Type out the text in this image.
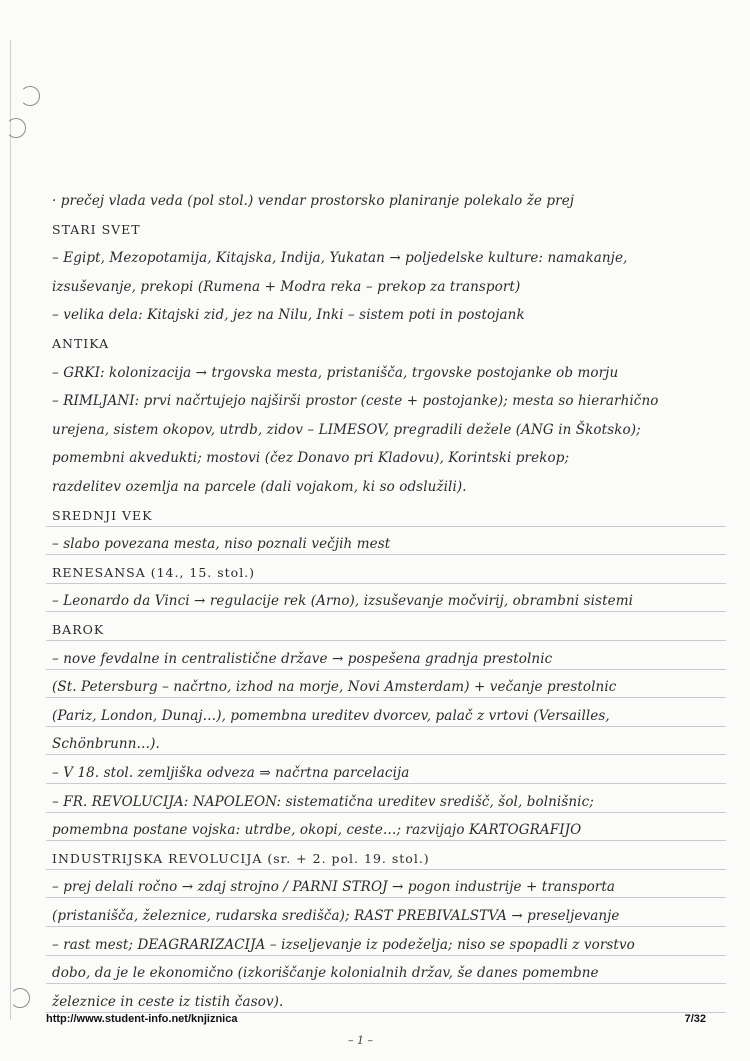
· prečej vlada veda (pol stol.) vendar prostorsko planiranje polekalo že prej
STARI SVET
– Egipt, Mezopotamija, Kitajska, Indija, Yukatan → poljedelske kulture: namakanje,
izsuševanje, prekopi (Rumena + Modra reka – prekop za transport)
– velika dela: Kitajski zid, jez na Nilu, Inki – sistem poti in postojank
ANTIKA
– GRKI: kolonizacija → trgovska mesta, pristanišča, trgovske postojanke ob morju
– RIMLJANI: prvi načrtujejo najširši prostor (ceste + postojanke); mesta so hierarhično
urejena, sistem okopov, utrdb, zidov – LIMESOV, pregradili dežele (ANG in Škotsko);
pomembni akvedukti; mostovi (čez Donavo pri Kladovu), Korintski prekop;
razdelitev ozemlja na parcele (dali vojakom, ki so odslužili).
SREDNJI VEK
– slabo povezana mesta, niso poznali večjih mest
RENESANSA (14., 15. stol.)
– Leonardo da Vinci → regulacije rek (Arno), izsuševanje močvirij, obrambni sistemi
BAROK
– nove fevdalne in centralistične države → pospešena gradnja prestolnic
(St. Petersburg – načrtno, izhod na morje, Novi Amsterdam) + večanje prestolnic
(Pariz, London, Dunaj…), pomembna ureditev dvorcev, palač z vrtovi (Versailles,
Schönbrunn…).
– V 18. stol. zemljiška odveza ⇒ načrtna parcelacija
– FR. REVOLUCIJA: NAPOLEON: sistematična ureditev središč, šol, bolnišnic;
pomembna postane vojska: utrdbe, okopi, ceste…; razvijajo KARTOGRAFIJO
INDUSTRIJSKA REVOLUCIJA (sr. + 2. pol. 19. stol.)
– prej delali ročno → zdaj strojno / PARNI STROJ → pogon industrije + transporta
(pristanišča, železnice, rudarska središča); RAST PREBIVALSTVA → preseljevanje
– rast mest; DEAGRARIZACIJA – izseljevanje iz podeželja; niso se spopadli z vorstvo
dobo, da je le ekonomično (izkoriščanje kolonialnih držav, še danes pomembne
železnice in ceste iz tistih časov).
http://www.student-info.net/knjiznica	7/32
– 1 –
